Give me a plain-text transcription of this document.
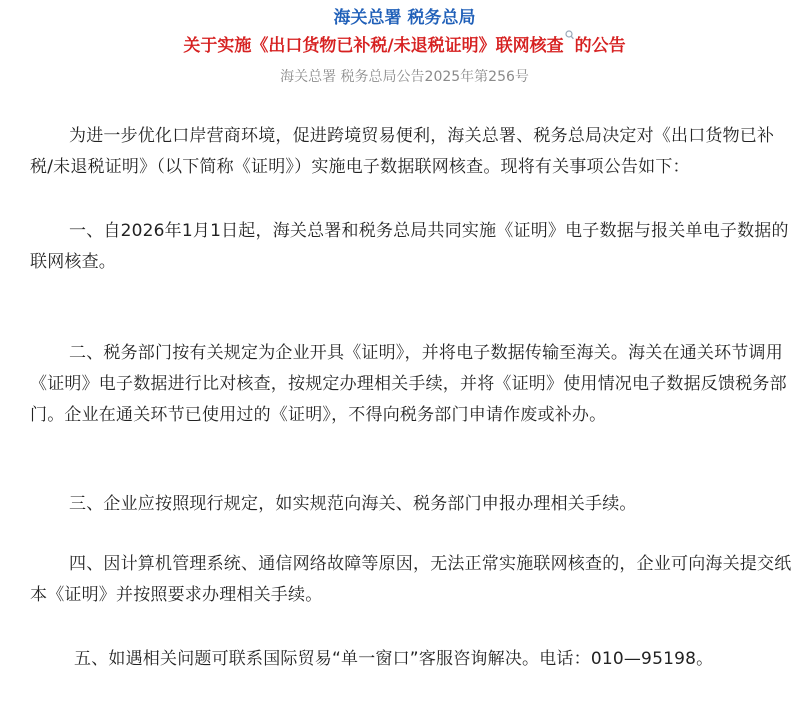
海关总署 税务总局
关于实施《出口货物已补税/未退税证明》联网核查 的公告
海关总署 税务总局公告2025年第256号

为进一步优化口岸营商环境，促进跨境贸易便利，海关总署、税务总局决定对《出口货物已补税/未退税证明》（以下简称《证明》）实施电子数据联网核查。现将有关事项公告如下：

一、自2026年1月1日起，海关总署和税务总局共同实施《证明》电子数据与报关单电子数据的联网核查。

二、税务部门按有关规定为企业开具《证明》，并将电子数据传输至海关。海关在通关环节调用《证明》电子数据进行比对核查，按规定办理相关手续，并将《证明》使用情况电子数据反馈税务部门。企业在通关环节已使用过的《证明》，不得向税务部门申请作废或补办。

三、企业应按照现行规定，如实规范向海关、税务部门申报办理相关手续。

四、因计算机管理系统、通信网络故障等原因，无法正常实施联网核查的，企业可向海关提交纸本《证明》并按照要求办理相关手续。

五、如遇相关问题可联系国际贸易“单一窗口”客服咨询解决。电话：010—95198。
